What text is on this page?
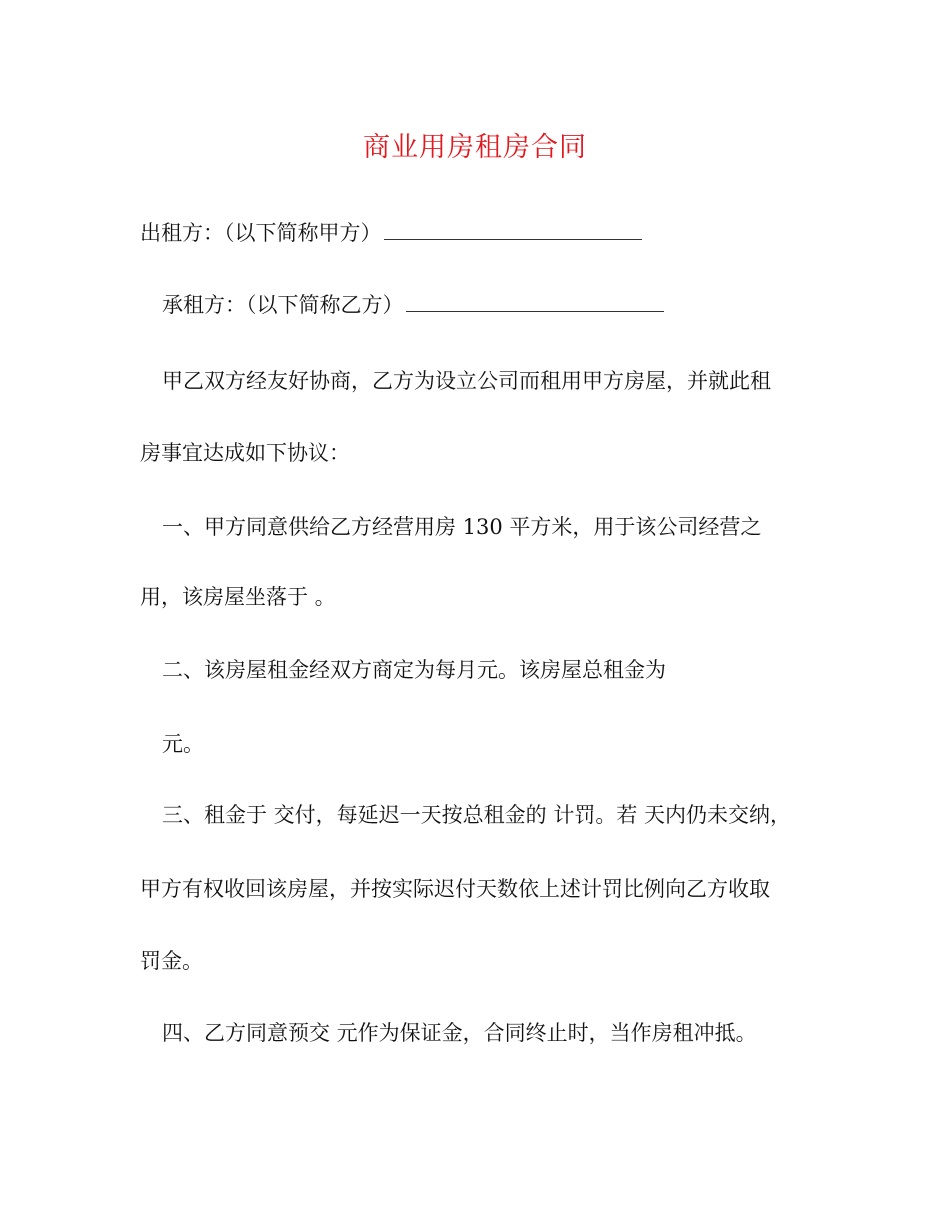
商业用房租房合同
出租方：（以下简称甲方）
承租方：（以下简称乙方）
甲乙双方经友好协商，乙方为设立公司而租用甲方房屋，并就此租
房事宜达成如下协议：
一、甲方同意供给乙方经营用房 130 平方米，用于该公司经营之
用，该房屋坐落于 。
二、该房屋租金经双方商定为每月元。该房屋总租金为
元。
三、租金于 交付，每延迟一天按总租金的 计罚。若 天内仍未交纳，
甲方有权收回该房屋，并按实际迟付天数依上述计罚比例向乙方收取
罚金。
四、乙方同意预交 元作为保证金，合同终止时，当作房租冲抵。
